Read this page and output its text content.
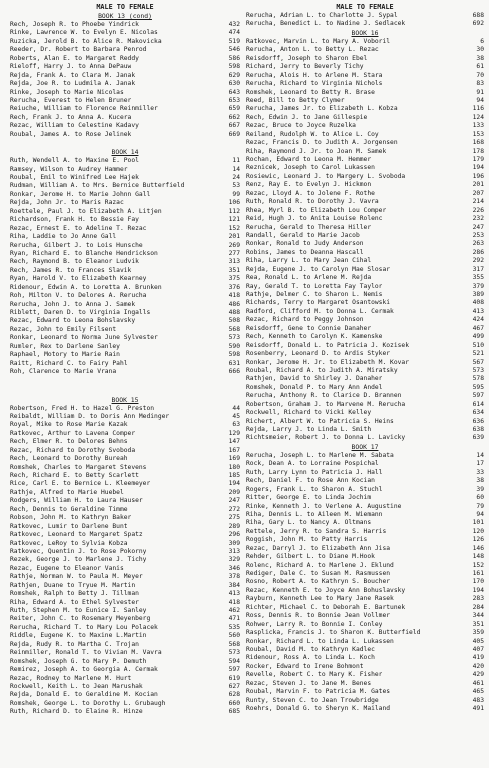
MALE TO FEMALE
BOOK 13 (cond)
Rech, Joseph R. to Phoebe Yindrick	432
Rinke, Lawrence W. to Evelyn E. Nicolas	474
Ruzicka, Jerold B. to Alice R. Makovicka	519
Reeder, Dr. Robert to Barbara Penrod	546
Roberts, Alan E. to Margaret Reddy	586
Rieloff, Harry J. to Anna DePauw	598
Rejda, Frank A. to Clara M. Janak	629
Rejda, Joe R. to Ludmila A. Janak	630
Rinke, Joseph to Marie Nicolas	643
Rerucha, Everest to Helen Bruner	653
Reiuche, William to Florence Reinmiller	659
Rech, Frank J. to Anna A. Kucera	662
Rezac, William to Celestine Kadavy	667
Roubal, James A. to Rose Jelinek	669
BOOK 14
Ruth, Wendell A. to Maxine E. Pool	11
Ramsey, Wilson to Audrey Hammer	14
Roubal, Emil to Winifred Lee Hajek	24
Rudman, William A. to Mrs. Bernice Butterfield	53
Ronkar, Jerome H. to Marie Johnn Gall	99
Rejda, John Jr. to Maris Razac	106
Roettele, Paul J. to Elizabeth A. Litjen	112
Richardson, Frank H. to Bessie Fay	121
Rezac, Ernest E. to Adeline T. Rezac	152
Riha, Laddie to Jo Anne Gall	201
Rerucha, Gilbert J. to Lois Hunsche	269
Ryan, Richard E. to Blanche Hendrickson	277
Rech, Raymond B. to Eleanor Ludvik	313
Rech, James R. to Frances Slavik	351
Ryan, Harold V. to Elizabeth Kearney	375
Ridenour, Edwin A. to Loretta A. Brunken	376
Roh, Milton V. to Delores A. Rerucha	418
Rerucha, John J. to Anna J. Samek	486
Riblett, Daren D. to Virginia Ingalls	488
Rezac, Edward to Leona Bohslavsky	508
Rezac, John to Emily Filsent	568
Ronkar, Leonard to Norma June Sylvester	573
Rumler, Rex to Darlene Sanley	590
Raphael, Motory to Marie Rain	598
Raitt, Richard C. to Fairy Pahl	631
Roh, Clarence to Marie Vrana	666
BOOK 15
Robertson, Fred H. to Hazel G. Preston	44
Reibaldt, William D. to Doris Ann Medinger	45
Royal, Mike to Rose Marie Kazak	63
Ratkovec, Arthur to Lavena Comper	129
Rech, Elmer R. to Delores Behns	147
Rezac, Richard to Dorothy Svoboda	167
Rech, Leonard to Dorothy Bureah	169
Romshek, Charles to Margaret Stevens	180
Rech, Richard E. to Betty Scarlett	185
Rice, Carl E. to Bernice L. Kleemeyer	194
Rathje, Alfred to Marie Huebel	209
Rodgers, William H. to Laura Hauser	247
Rech, Dennis to Geraldine Timme	272
Robson, John M. to Kathryn Baker	275
Ratkovec, Lumir to Darlene Bunt	289
Ratkovec, Leonard to Margaret Spatz	296
Ratkovec, LeRoy to Sylvia Kobza	309
Ratkovec, Quentin J. to Rose Pokorny	313
Rezek, George J. to Marlene J. Tichy	329
Rezac, Eugene to Eleanor Vanis	346
Rathje, Norman W. to Paula M. Meyer	378
Rathjen, Duane to Tryue M. Martin	384
Romshek, Ralph to Betty J. Tillman	413
Riha, Edward A. to Ethel Sylvester	418
Ruth, Stephen M. to Eunice I. Sanley	462
Reiter, John C. to Rosemary Meyenberg	471
Rerucha, Richard T. to Mary Lou Polacek	535
Riddle, Eugene K. to Maxine L.Martin	560
Rejda, Rudy R. to Martha C. Trojan	568
Reinmiller, Ronald T. to Vivian M. Vavra	573
Romshek, Joseph G. to Mary P. Demuth	594
Remirez, Joseph A. to Georgia A. Cermak	597
Rezac, Rodney to Marlene M. Hurt	619
Rockwell, Keith L. to Jean Marushak	627
Rejda, Donald E. to Geraldine M. Kocian	628
Romshek, George L. to Dorothy L. Grubaugh	660
Ruth, Richard D. to Elaine R. Hinze	685
MALE TO FEMALE
Rerucha, Adrian L. to Charlotte J. Sypal	688
Rerucha, Benedict L. to Nadine J. Sedlacek	692
BOOK 16
Ratkovec, Marvin L. to Mary A. Voboril	6
Rerucha, Anton L. to Betty L. Rezac	30
Reisdorff, Joseph to Sharon Ebel	38
Richard, Jerry to Beverly Tichy	61
Rerucha, Alois H. to Arlene M. Stara	70
Rerucha, Richard to Virginia Nichols	83
Romshek, Leonard to Betty R. Brase	91
Reed, Bill to Betty Clymer	94
Rerucha, James Jr. to Elizabeth L. Kobza	116
Rech, Edwin J. to Jane Gillespie	124
Rezac, Bruce to Joyce Ruzelka	133
Reiland, Rudolph W. to Alice L. Coy	153
Rezac, Francis D. to Judith A. Jorgensen	168
Riha, Raymond J. Jr. to Joan M. Samek	178
Rochan, Edward to Leona M. Hemmer	179
Reznicek, Joseph to Carol Lukassen	194
Rosiewic, Leonard J. to Margery L. Svoboda	196
Renz, Ray E. to Evelyn J. Hickmon	201
Rezac, Lloyd A. to Jolene F. Rothe	207
Ruth, Ronald R. to Dorothy J. Vavra	214
Rhea, Myrl B. to Elizabeth Lou Comper	226
Reid, Hugh J. to Anita Louise Rolenc	232
Rerucha, Gerald to Theresa Hiller	247
Randall, Gerald to Marie Jacob	253
Ronkar, Ronald to Judy Anderson	263
Robins, James to Deanna Hascall	286
Riha, Larry L. to Mary Jean Cihal	292
Rejda, Eugene J. to Carolyn Mae Slosar	317
Rea, Ronald L. to Arlene M. Rejda	355
Ray, Gerald T. to Loretta Fay Taylor	379
Rathje, Delmer C. to Sharon L. Nemis	389
Richards, Terry to Margaret Osantowski	408
Radford, Clifford M. to Donna L. Cermak	413
Rezac, Richard to Peggy Johnson	424
Reisdorff, Gene to Connie Danaher	467
Rech, Kenneth to Carolyn K. Kamenske	499
Reisdorff, Donald L. to Patricia J. Kozisek	510
Rosenberry, Leonard D. to Ardis Styker	521
Ronkar, Jerome H. Jr. to Elizabeth M. Kovar	567
Roubal, Richard A. to Judith A. Miratsky	573
Rathjen, David to Shirley J. Danaher	578
Romshek, Donald P. to Mary Ann Andel	595
Rerucha, Anthony R. to Clarice D. Brannen	597
Robertson, Graham J. to Marvene M. Rerucha	614
Rockwell, Richard to Vicki Kelley	634
Richert, Albert W. to Patricia S. Heins	636
Rejda, Larry J. to Linda L. Smith	638
Richtsmeier, Robert J. to Donna L. Lavicky	639
BOOK 17
Rerucha, Joseph L. to Marlene M. Sabata	14
Rock, Dean A. to Lorraine Pospichal	17
Ruth, Larry Lynn to Patricia J. Hall	33
Rech, Daniel F. to Rose Ann Kocian	38
Rogers, Frank L. to Sharon A. Stuchl	39
Ritter, George E. to Linda Jochim	60
Rinke, Kenneth J. to Verlene A. Augustine	79
Riha, Dennis L. to Aileen M. Wiemann	94
Riha, Gary L. to Nancy A. Oltmans	101
Rettele, Jerry R. to Sandra S. Harris	120
Roggish, John M. to Patty Harris	126
Rezac, Darryl J. to Elizabeth Ann Jisa	146
Rehder, Gilbert L. to Diane M.Hook	148
Rolenc, Richard A. to Marlene J. Eklund	152
Rediger, Dale C. to Susan M. Rasmussen	161
Rosno, Robert A. to Kathryn S. Boucher	170
Rezac, Kenneth E. to Joyce Ann Bohuslavsky	194
Rayburn, Kenneth Lee to Mary Jane Rasek	283
Richter, Michael C. to Deborah E. Bartunek	284
Ross, Dennis R. to Bonnie Jean Vollmer	344
Rohwer, Larry R. to Bonnie I. Conley	351
Rasplicka, Francis J. to Sharon K. Butterfield	359
Ronkar, Richard L. to Linda L. Lukassen	405
Roubal, David M. to Kathryn Kadlec	407
Ridenour, Ross A. to Linda L. Koch	419
Rocker, Edward to Irene Bohmont	420
Revelle, Robert C. to Mary K. Fisher	429
Rezac, Steven J. to Jane M. Benes	461
Roubal, Marvin F. to Patricia M. Gates	465
Runty, Steven C. to Jean Trowbridge	483
Roehrs, Donald G. to Sheryn K. Mailand	491
